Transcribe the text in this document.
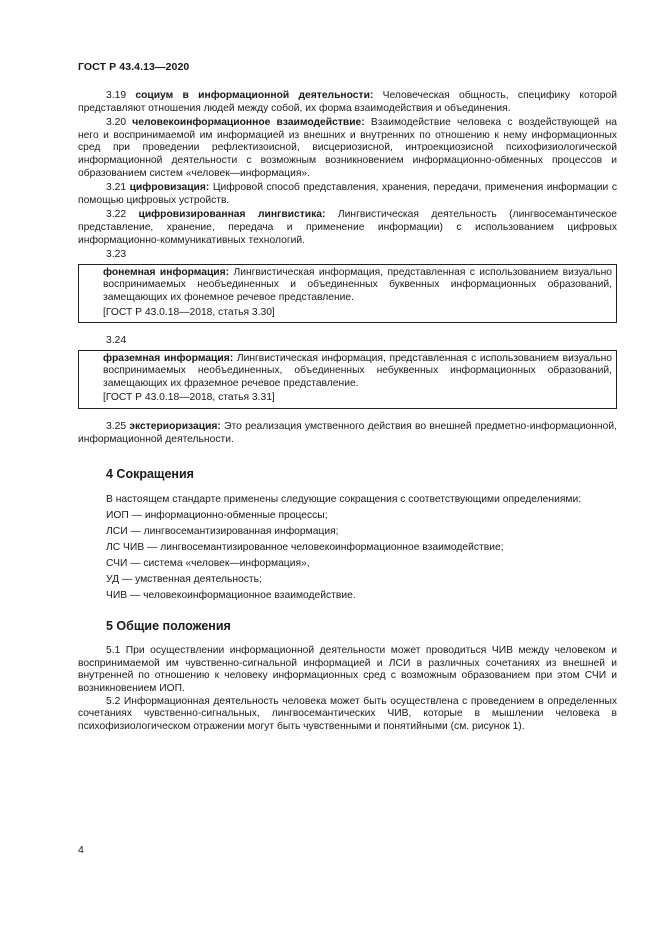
ГОСТ Р 43.4.13—2020

3.19 социум в информационной деятельности: Человеческая общность, специфику которой представляют отношения людей между собой, их форма взаимодействия и объединения.

3.20 человекоинформационное взаимодействие: Взаимодействие человека с воздействующей на него и воспринимаемой им информацией из внешних и внутренних по отношению к нему информационных сред при проведении рефлектизоисной, висцериозисной, интроекциозисной психофизиологической информационной деятельности с возможным возникновением информационно-обменных процессов и образованием систем «человек—информация».

3.21 цифровизация: Цифровой способ представления, хранения, передачи, применения информации с помощью цифровых устройств.

3.22 цифровизированная лингвистика: Лингвистическая деятельность (лингвосемантическое представление, хранение, передача и применение информации) с использованием цифровых информационно-коммуникативных технологий.

3.23

фонемная информация: Лингвистическая информация, представленная с использованием визуально воспринимаемых необъединенных и объединенных буквенных информационных образований, замещающих их фонемное речевое представление.

[ГОСТ Р 43.0.18—2018, статья 3.30]

3.24

фраземная информация: Лингвистическая информация, представленная с использованием визуально воспринимаемых необъединенных, объединенных небуквенных информационных образований, замещающих их фраземное речевое представление.

[ГОСТ Р 43.0.18—2018, статья 3.31]

3.25 экстериоризация: Это реализация умственного действия во внешней предметно-информационной, информационной деятельности.

4 Сокращения

В настоящем стандарте применены следующие сокращения с соответствующими определениями:

ИОП — информационно-обменные процессы;

ЛСИ — лингвосемантизированная информация;

ЛС ЧИВ — лингвосемантизированное человекоинформационное взаимодействие;

СЧИ — система «человек—информация»,

УД — умственная деятельность;

ЧИВ — человекоинформационное взаимодействие.

5 Общие положения

5.1 При осуществлении информационной деятельности может проводиться ЧИВ между человеком и воспринимаемой им чувственно-сигнальной информацией и ЛСИ в различных сочетаниях из внешней и внутренней по отношению к человеку информационных сред с возможным образованием при этом СЧИ и возникновением ИОП.

5.2 Информационная деятельность человека может быть осуществлена с проведением в определенных сочетаниях чувственно-сигнальных, лингвосемантических ЧИВ, которые в мышлении человека в психофизиологическом отражении могут быть чувственными и понятийными (см. рисунок 1).

4
